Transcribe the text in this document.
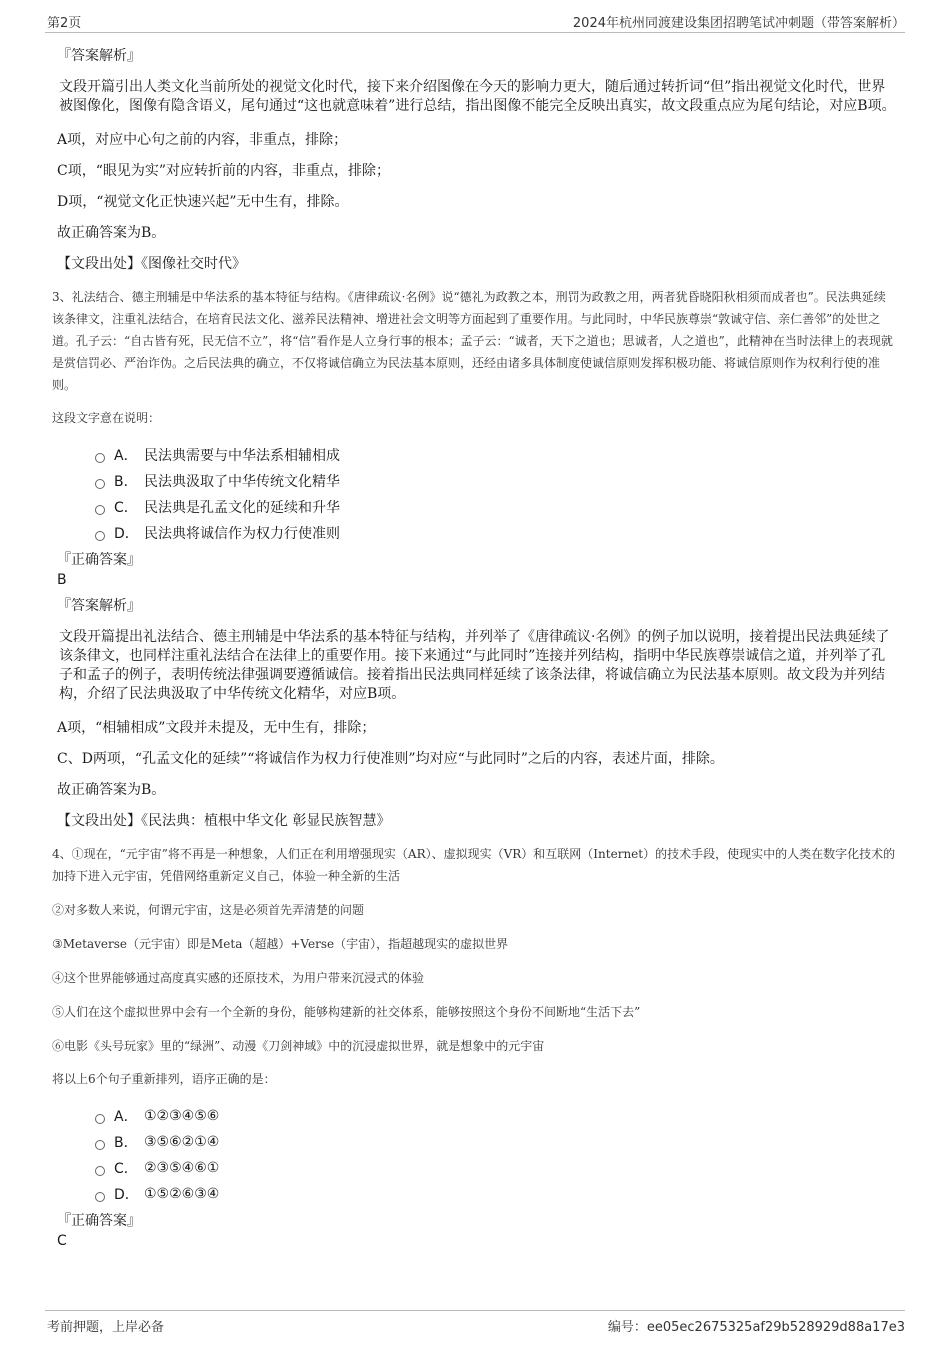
第2页	2024年杭州同渡建设集团招聘笔试冲刺题（带答案解析）
『答案解析』
文段开篇引出人类文化当前所处的视觉文化时代，接下来介绍图像在今天的影响力更大，随后通过转折词“但”指出视觉文化时代，世界被图像化，图像有隐含语义，尾句通过“这也就意味着”进行总结，指出图像不能完全反映出真实，故文段重点应为尾句结论，对应B项。
A项，对应中心句之前的内容，非重点，排除；
C项，“眼见为实”对应转折前的内容，非重点，排除；
D项，“视觉文化正快速兴起”无中生有，排除。
故正确答案为B。
【文段出处】《图像社交时代》
3、礼法结合、德主刑辅是中华法系的基本特征与结构。《唐律疏议·名例》说“德礼为政教之本，刑罚为政教之用，两者犹昏晓阳秋相须而成者也”。民法典延续该条律文，注重礼法结合，在培育民法文化、滋养民法精神、增进社会文明等方面起到了重要作用。与此同时，中华民族尊崇“敦诚守信、亲仁善邻”的处世之道。孔子云：“自古皆有死，民无信不立”，将“信”看作是人立身行事的根本；孟子云：“诚者，天下之道也；思诚者，人之道也”，此精神在当时法律上的表现就是赏信罚必、严治诈伪。之后民法典的确立，不仅将诚信确立为民法基本原则，还经由诸多具体制度使诚信原则发挥积极功能、将诚信原则作为权利行使的准则。
这段文字意在说明：
A． 民法典需要与中华法系相辅相成
B． 民法典汲取了中华传统文化精华
C． 民法典是孔孟文化的延续和升华
D． 民法典将诚信作为权力行使准则
『正确答案』
B
『答案解析』
文段开篇提出礼法结合、德主刑辅是中华法系的基本特征与结构，并列举了《唐律疏议·名例》的例子加以说明，接着提出民法典延续了该条律文，也同样注重礼法结合在法律上的重要作用。接下来通过“与此同时”连接并列结构，指明中华民族尊崇诚信之道，并列举了孔子和孟子的例子，表明传统法律强调要遵循诚信。接着指出民法典同样延续了该条法律，将诚信确立为民法基本原则。故文段为并列结构，介绍了民法典汲取了中华传统文化精华，对应B项。
A项，“相辅相成”文段并未提及，无中生有，排除；
C、D两项，“孔孟文化的延续”“将诚信作为权力行使准则”均对应“与此同时”之后的内容，表述片面，排除。
故正确答案为B。
【文段出处】《民法典：植根中华文化 彰显民族智慧》
4、①现在，“元宇宙”将不再是一种想象，人们正在利用增强现实（AR）、虚拟现实（VR）和互联网（Internet）的技术手段，使现实中的人类在数字化技术的加持下进入元宇宙，凭借网络重新定义自己，体验一种全新的生活
②对多数人来说，何谓元宇宙，这是必须首先弄清楚的问题
③Metaverse（元宇宙）即是Meta（超越）+Verse（宇宙），指超越现实的虚拟世界
④这个世界能够通过高度真实感的还原技术，为用户带来沉浸式的体验
⑤人们在这个虚拟世界中会有一个全新的身份，能够构建新的社交体系，能够按照这个身份不间断地“生活下去”
⑥电影《头号玩家》里的“绿洲”、动漫《刀剑神域》中的沉浸虚拟世界，就是想象中的元宇宙
将以上6个句子重新排列，语序正确的是：
A． ①②③④⑤⑥
B． ③⑤⑥②①④
C． ②③⑤④⑥①
D． ①⑤②⑥③④
『正确答案』
C
考前押题，上岸必备	编号：ee05ec2675325af29b528929d88a17e3
